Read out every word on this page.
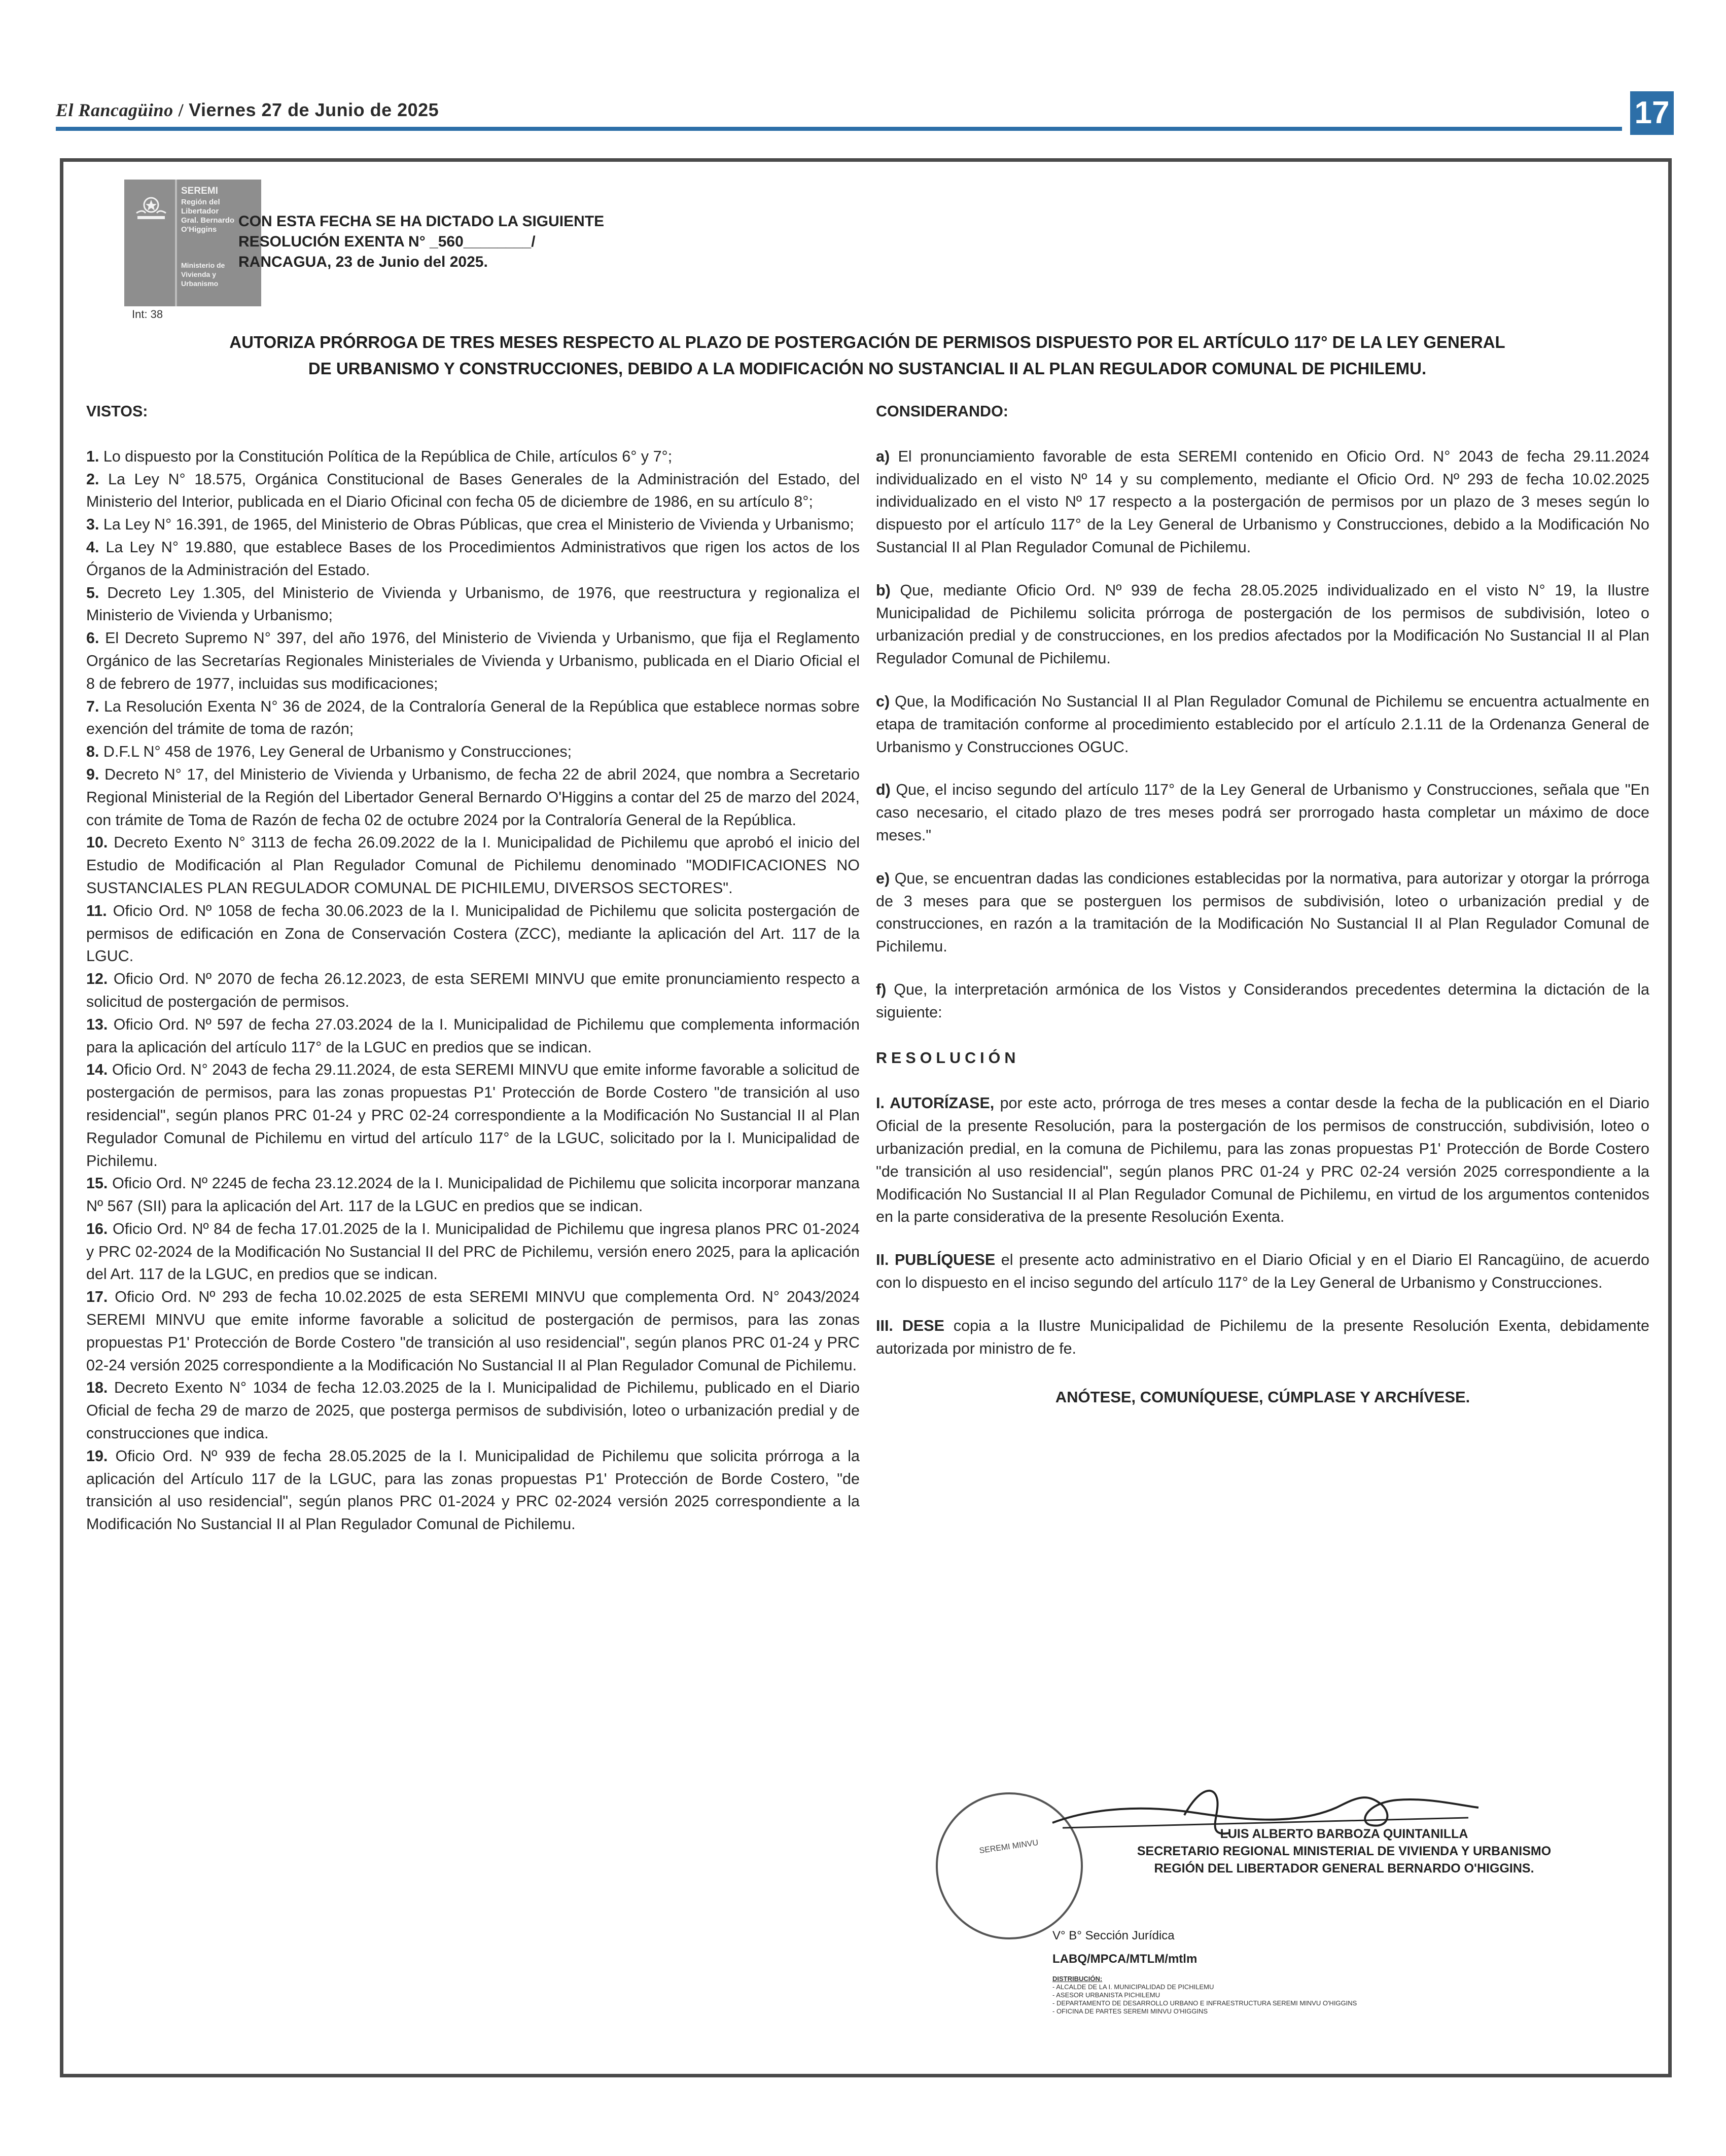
El Rancagüino / Viernes 27 de Junio de 2025	17
SEREMI
Región del Libertador
Gral. Bernardo
O'Higgins
Ministerio de
Vivienda y
Urbanismo
Int: 38
CON ESTA FECHA SE HA DICTADO LA SIGUIENTE
RESOLUCIÓN EXENTA N° _560________/
RANCAGUA, 23 de Junio del 2025.
AUTORIZA PRÓRROGA DE TRES MESES RESPECTO AL PLAZO DE POSTERGACIÓN DE PERMISOS DISPUESTO POR EL ARTÍCULO 117° DE LA LEY GENERAL
DE URBANISMO Y CONSTRUCCIONES, DEBIDO A LA MODIFICACIÓN NO SUSTANCIAL II AL PLAN REGULADOR COMUNAL DE PICHILEMU.
VISTOS:

1. Lo dispuesto por la Constitución Política de la República de Chile, artículos 6° y 7°;

2. La Ley N° 18.575, Orgánica Constitucional de Bases Generales de la Administración del Estado, del Ministerio del Interior, publicada en el Diario Oficinal con fecha 05 de diciembre de 1986, en su artículo 8°;

3. La Ley N° 16.391, de 1965, del Ministerio de Obras Públicas, que crea el Ministerio de Vivienda y Urbanismo;

4. La Ley N° 19.880, que establece Bases de los Procedimientos Administrativos que rigen los actos de los Órganos de la Administración del Estado.

5. Decreto Ley 1.305, del Ministerio de Vivienda y Urbanismo, de 1976, que reestructura y regionaliza el Ministerio de Vivienda y Urbanismo;

6. El Decreto Supremo N° 397, del año 1976, del Ministerio de Vivienda y Urbanismo, que fija el Reglamento Orgánico de las Secretarías Regionales Ministeriales de Vivienda y Urbanismo, publicada en el Diario Oficial el 8 de febrero de 1977, incluidas sus modificaciones;

7. La Resolución Exenta N° 36 de 2024, de la Contraloría General de la República que establece normas sobre exención del trámite de toma de razón;

8. D.F.L N° 458 de 1976, Ley General de Urbanismo y Construcciones;

9. Decreto N° 17, del Ministerio de Vivienda y Urbanismo, de fecha 22 de abril 2024, que nombra a Secretario Regional Ministerial de la Región del Libertador General Bernardo O'Higgins a contar del 25 de marzo del 2024, con trámite de Toma de Razón de fecha 02 de octubre 2024 por la Contraloría General de la República.

10. Decreto Exento N° 3113 de fecha 26.09.2022 de la I. Municipalidad de Pichilemu que aprobó el inicio del Estudio de Modificación al Plan Regulador Comunal de Pichilemu denominado "MODIFICACIONES NO SUSTANCIALES PLAN REGULADOR COMUNAL DE PICHILEMU, DIVERSOS SECTORES".

11. Oficio Ord. Nº 1058 de fecha 30.06.2023 de la I. Municipalidad de Pichilemu que solicita postergación de permisos de edificación en Zona de Conservación Costera (ZCC), mediante la aplicación del Art. 117 de la LGUC.

12. Oficio Ord. Nº 2070 de fecha 26.12.2023, de esta SEREMI MINVU que emite pronunciamiento respecto a solicitud de postergación de permisos.

13. Oficio Ord. Nº 597 de fecha 27.03.2024 de la I. Municipalidad de Pichilemu que complementa información para la aplicación del artículo 117° de la LGUC en predios que se indican.

14. Oficio Ord. N° 2043 de fecha 29.11.2024, de esta SEREMI MINVU que emite informe favorable a solicitud de postergación de permisos, para las zonas propuestas P1' Protección de Borde Costero "de transición al uso residencial", según planos PRC 01-24 y PRC 02-24 correspondiente a la Modificación No Sustancial II al Plan Regulador Comunal de Pichilemu en virtud del artículo 117° de la LGUC, solicitado por la I. Municipalidad de Pichilemu.

15. Oficio Ord. Nº 2245 de fecha 23.12.2024 de la I. Municipalidad de Pichilemu que solicita incorporar manzana Nº 567 (SII) para la aplicación del Art. 117 de la LGUC en predios que se indican.

16. Oficio Ord. Nº 84 de fecha 17.01.2025 de la I. Municipalidad de Pichilemu que ingresa planos PRC 01-2024 y PRC 02-2024 de la Modificación No Sustancial II del PRC de Pichilemu, versión enero 2025, para la aplicación del Art. 117 de la LGUC, en predios que se indican.

17. Oficio Ord. Nº 293 de fecha 10.02.2025 de esta SEREMI MINVU que complementa Ord. N° 2043/2024 SEREMI MINVU que emite informe favorable a solicitud de postergación de permisos, para las zonas propuestas P1' Protección de Borde Costero "de transición al uso residencial", según planos PRC 01-24 y PRC 02-24 versión 2025 correspondiente a la Modificación No Sustancial II al Plan Regulador Comunal de Pichilemu.

18. Decreto Exento N° 1034 de fecha 12.03.2025 de la I. Municipalidad de Pichilemu, publicado en el Diario Oficial de fecha 29 de marzo de 2025, que posterga permisos de subdivisión, loteo o urbanización predial y de construcciones que indica.

19. Oficio Ord. Nº 939 de fecha 28.05.2025 de la I. Municipalidad de Pichilemu que solicita prórroga a la aplicación del Artículo 117 de la LGUC, para las zonas propuestas P1' Protección de Borde Costero, "de transición al uso residencial", según planos PRC 01-2024 y PRC 02-2024 versión 2025 correspondiente a la Modificación No Sustancial II al Plan Regulador Comunal de Pichilemu.

CONSIDERANDO:

a) El pronunciamiento favorable de esta SEREMI contenido en Oficio Ord. N° 2043 de fecha 29.11.2024 individualizado en el visto Nº 14 y su complemento, mediante el Oficio Ord. Nº 293 de fecha 10.02.2025 individualizado en el visto Nº 17 respecto a la postergación de permisos por un plazo de 3 meses según lo dispuesto por el artículo 117° de la Ley General de Urbanismo y Construcciones, debido a la Modificación No Sustancial II al Plan Regulador Comunal de Pichilemu.

b) Que, mediante Oficio Ord. Nº 939 de fecha 28.05.2025 individualizado en el visto N° 19, la Ilustre Municipalidad de Pichilemu solicita prórroga de postergación de los permisos de subdivisión, loteo o urbanización predial y de construcciones, en los predios afectados por la Modificación No Sustancial II al Plan Regulador Comunal de Pichilemu.

c) Que, la Modificación No Sustancial II al Plan Regulador Comunal de Pichilemu se encuentra actualmente en etapa de tramitación conforme al procedimiento establecido por el artículo 2.1.11 de la Ordenanza General de Urbanismo y Construcciones OGUC.

d) Que, el inciso segundo del artículo 117° de la Ley General de Urbanismo y Construcciones, señala que "En caso necesario, el citado plazo de tres meses podrá ser prorrogado hasta completar un máximo de doce meses."

e) Que, se encuentran dadas las condiciones establecidas por la normativa, para autorizar y otorgar la prórroga de 3 meses para que se posterguen los permisos de subdivisión, loteo o urbanización predial y de construcciones, en razón a la tramitación de la Modificación No Sustancial II al Plan Regulador Comunal de Pichilemu.

f) Que, la interpretación armónica de los Vistos y Considerandos precedentes determina la dictación de la siguiente:

RESOLUCIÓN

I. AUTORÍZASE, por este acto, prórroga de tres meses a contar desde la fecha de la publicación en el Diario Oficial de la presente Resolución, para la postergación de los permisos de construcción, subdivisión, loteo o urbanización predial, en la comuna de Pichilemu, para las zonas propuestas P1' Protección de Borde Costero "de transición al uso residencial", según planos PRC 01-24 y PRC 02-24 versión 2025 correspondiente a la Modificación No Sustancial II al Plan Regulador Comunal de Pichilemu, en virtud de los argumentos contenidos en la parte considerativa de la presente Resolución Exenta.

II. PUBLÍQUESE el presente acto administrativo en el Diario Oficial y en el Diario El Rancagüino, de acuerdo con lo dispuesto en el inciso segundo del artículo 117° de la Ley General de Urbanismo y Construcciones.

III. DESE copia a la Ilustre Municipalidad de Pichilemu de la presente Resolución Exenta, debidamente autorizada por ministro de fe.

ANÓTESE, COMUNÍQUESE, CÚMPLASE Y ARCHÍVESE.
SEREMI MINVU
LUIS ALBERTO BARBOZA QUINTANILLA
SECRETARIO REGIONAL MINISTERIAL DE VIVIENDA Y URBANISMO
REGIÓN DEL LIBERTADOR GENERAL BERNARDO O'HIGGINS.
V° B° Sección Jurídica
LABQ/MPCA/MTLM/mtlm
DISTRIBUCIÓN:
- ALCALDE DE LA I. MUNICIPALIDAD DE PICHILEMU
- ASESOR URBANISTA PICHILEMU
- DEPARTAMENTO DE DESARROLLO URBANO E INFRAESTRUCTURA SEREMI MINVU O'HIGGINS
- OFICINA DE PARTES SEREMI MINVU O'HIGGINS
